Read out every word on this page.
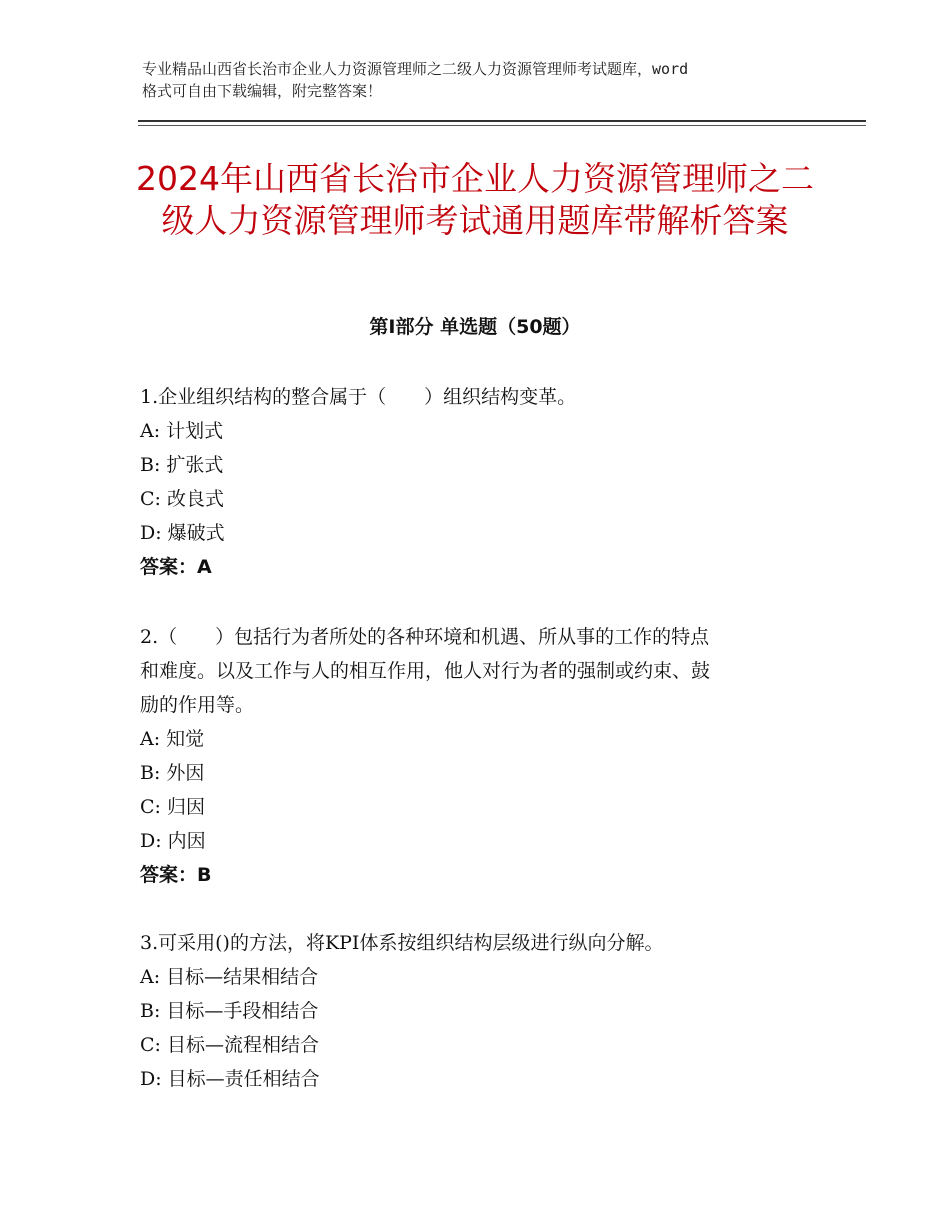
专业精品山西省长治市企业人力资源管理师之二级人力资源管理师考试题库，word
格式可自由下载编辑，附完整答案！
2024年山西省长治市企业人力资源管理师之二级人力资源管理师考试通用题库带解析答案
第Ⅰ部分 单选题（50题）
1.企业组织结构的整合属于（　　）组织结构变革。
A: 计划式
B: 扩张式
C: 改良式
D: 爆破式
答案：A
2.（　　）包括行为者所处的各种环境和机遇、所从事的工作的特点
和难度。以及工作与人的相互作用，他人对行为者的强制或约束、鼓
励的作用等。
A: 知觉
B: 外因
C: 归因
D: 内因
答案：B
3.可采用()的方法，将KPI体系按组织结构层级进行纵向分解。
A: 目标—结果相结合
B: 目标—手段相结合
C: 目标—流程相结合
D: 目标—责任相结合
